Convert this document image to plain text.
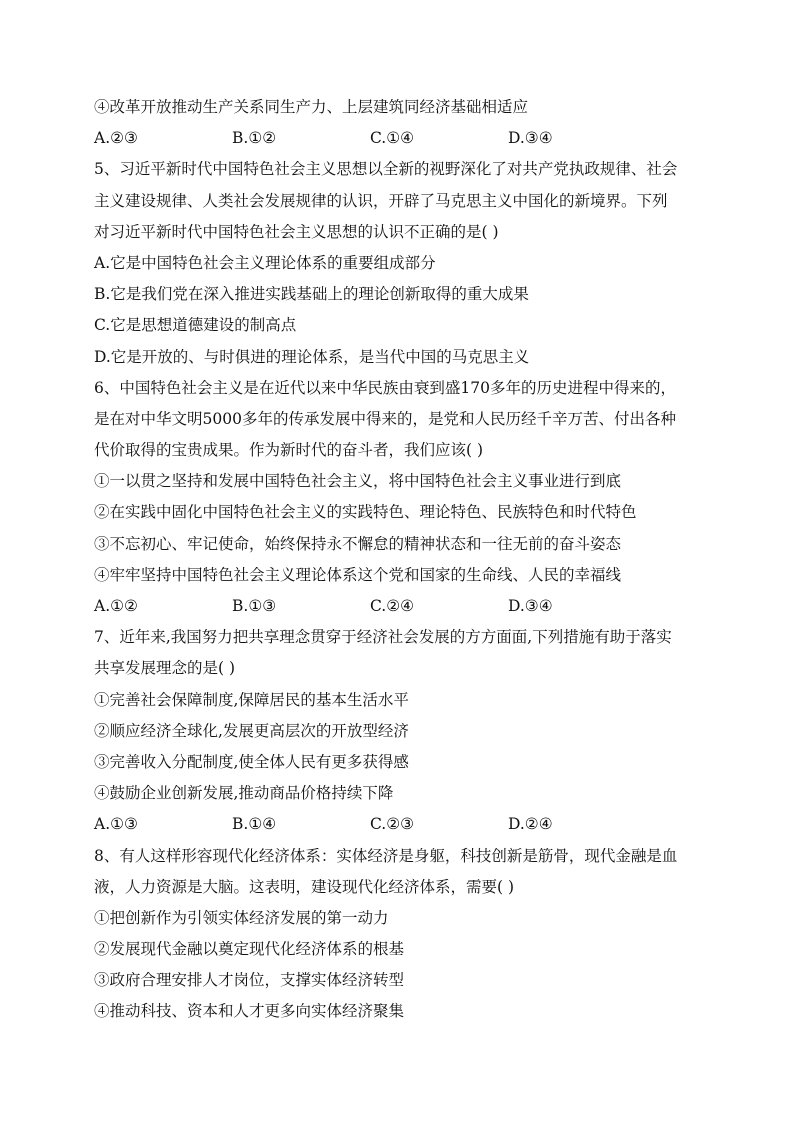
④改革开放推动生产关系同生产力、上层建筑同经济基础相适应
A.②③	B.①②	C.①④	D.③④
5、习近平新时代中国特色社会主义思想以全新的视野深化了对共产党执政规律、社会
主义建设规律、人类社会发展规律的认识，开辟了马克思主义中国化的新境界。下列
对习近平新时代中国特色社会主义思想的认识不正确的是( )
A.它是中国特色社会主义理论体系的重要组成部分
B.它是我们党在深入推进实践基础上的理论创新取得的重大成果
C.它是思想道德建设的制高点
D.它是开放的、与时俱进的理论体系，是当代中国的马克思主义
6、中国特色社会主义是在近代以来中华民族由衰到盛170多年的历史进程中得来的，
是在对中华文明5000多年的传承发展中得来的，是党和人民历经千辛万苦、付出各种
代价取得的宝贵成果。作为新时代的奋斗者，我们应该( )
①一以贯之坚持和发展中国特色社会主义，将中国特色社会主义事业进行到底
②在实践中固化中国特色社会主义的实践特色、理论特色、民族特色和时代特色
③不忘初心、牢记使命，始终保持永不懈怠的精神状态和一往无前的奋斗姿态
④牢牢坚持中国特色社会主义理论体系这个党和国家的生命线、人民的幸福线
A.①②	B.①③	C.②④	D.③④
7、近年来,我国努力把共享理念贯穿于经济社会发展的方方面面,下列措施有助于落实
共享发展理念的是( )
①完善社会保障制度,保障居民的基本生活水平
②顺应经济全球化,发展更高层次的开放型经济
③完善收入分配制度,使全体人民有更多获得感
④鼓励企业创新发展,推动商品价格持续下降
A.①③	B.①④	C.②③	D.②④
8、有人这样形容现代化经济体系：实体经济是身躯，科技创新是筋骨，现代金融是血
液，人力资源是大脑。这表明，建设现代化经济体系，需要( )
①把创新作为引领实体经济发展的第一动力
②发展现代金融以奠定现代化经济体系的根基
③政府合理安排人才岗位，支撑实体经济转型
④推动科技、资本和人才更多向实体经济聚集
